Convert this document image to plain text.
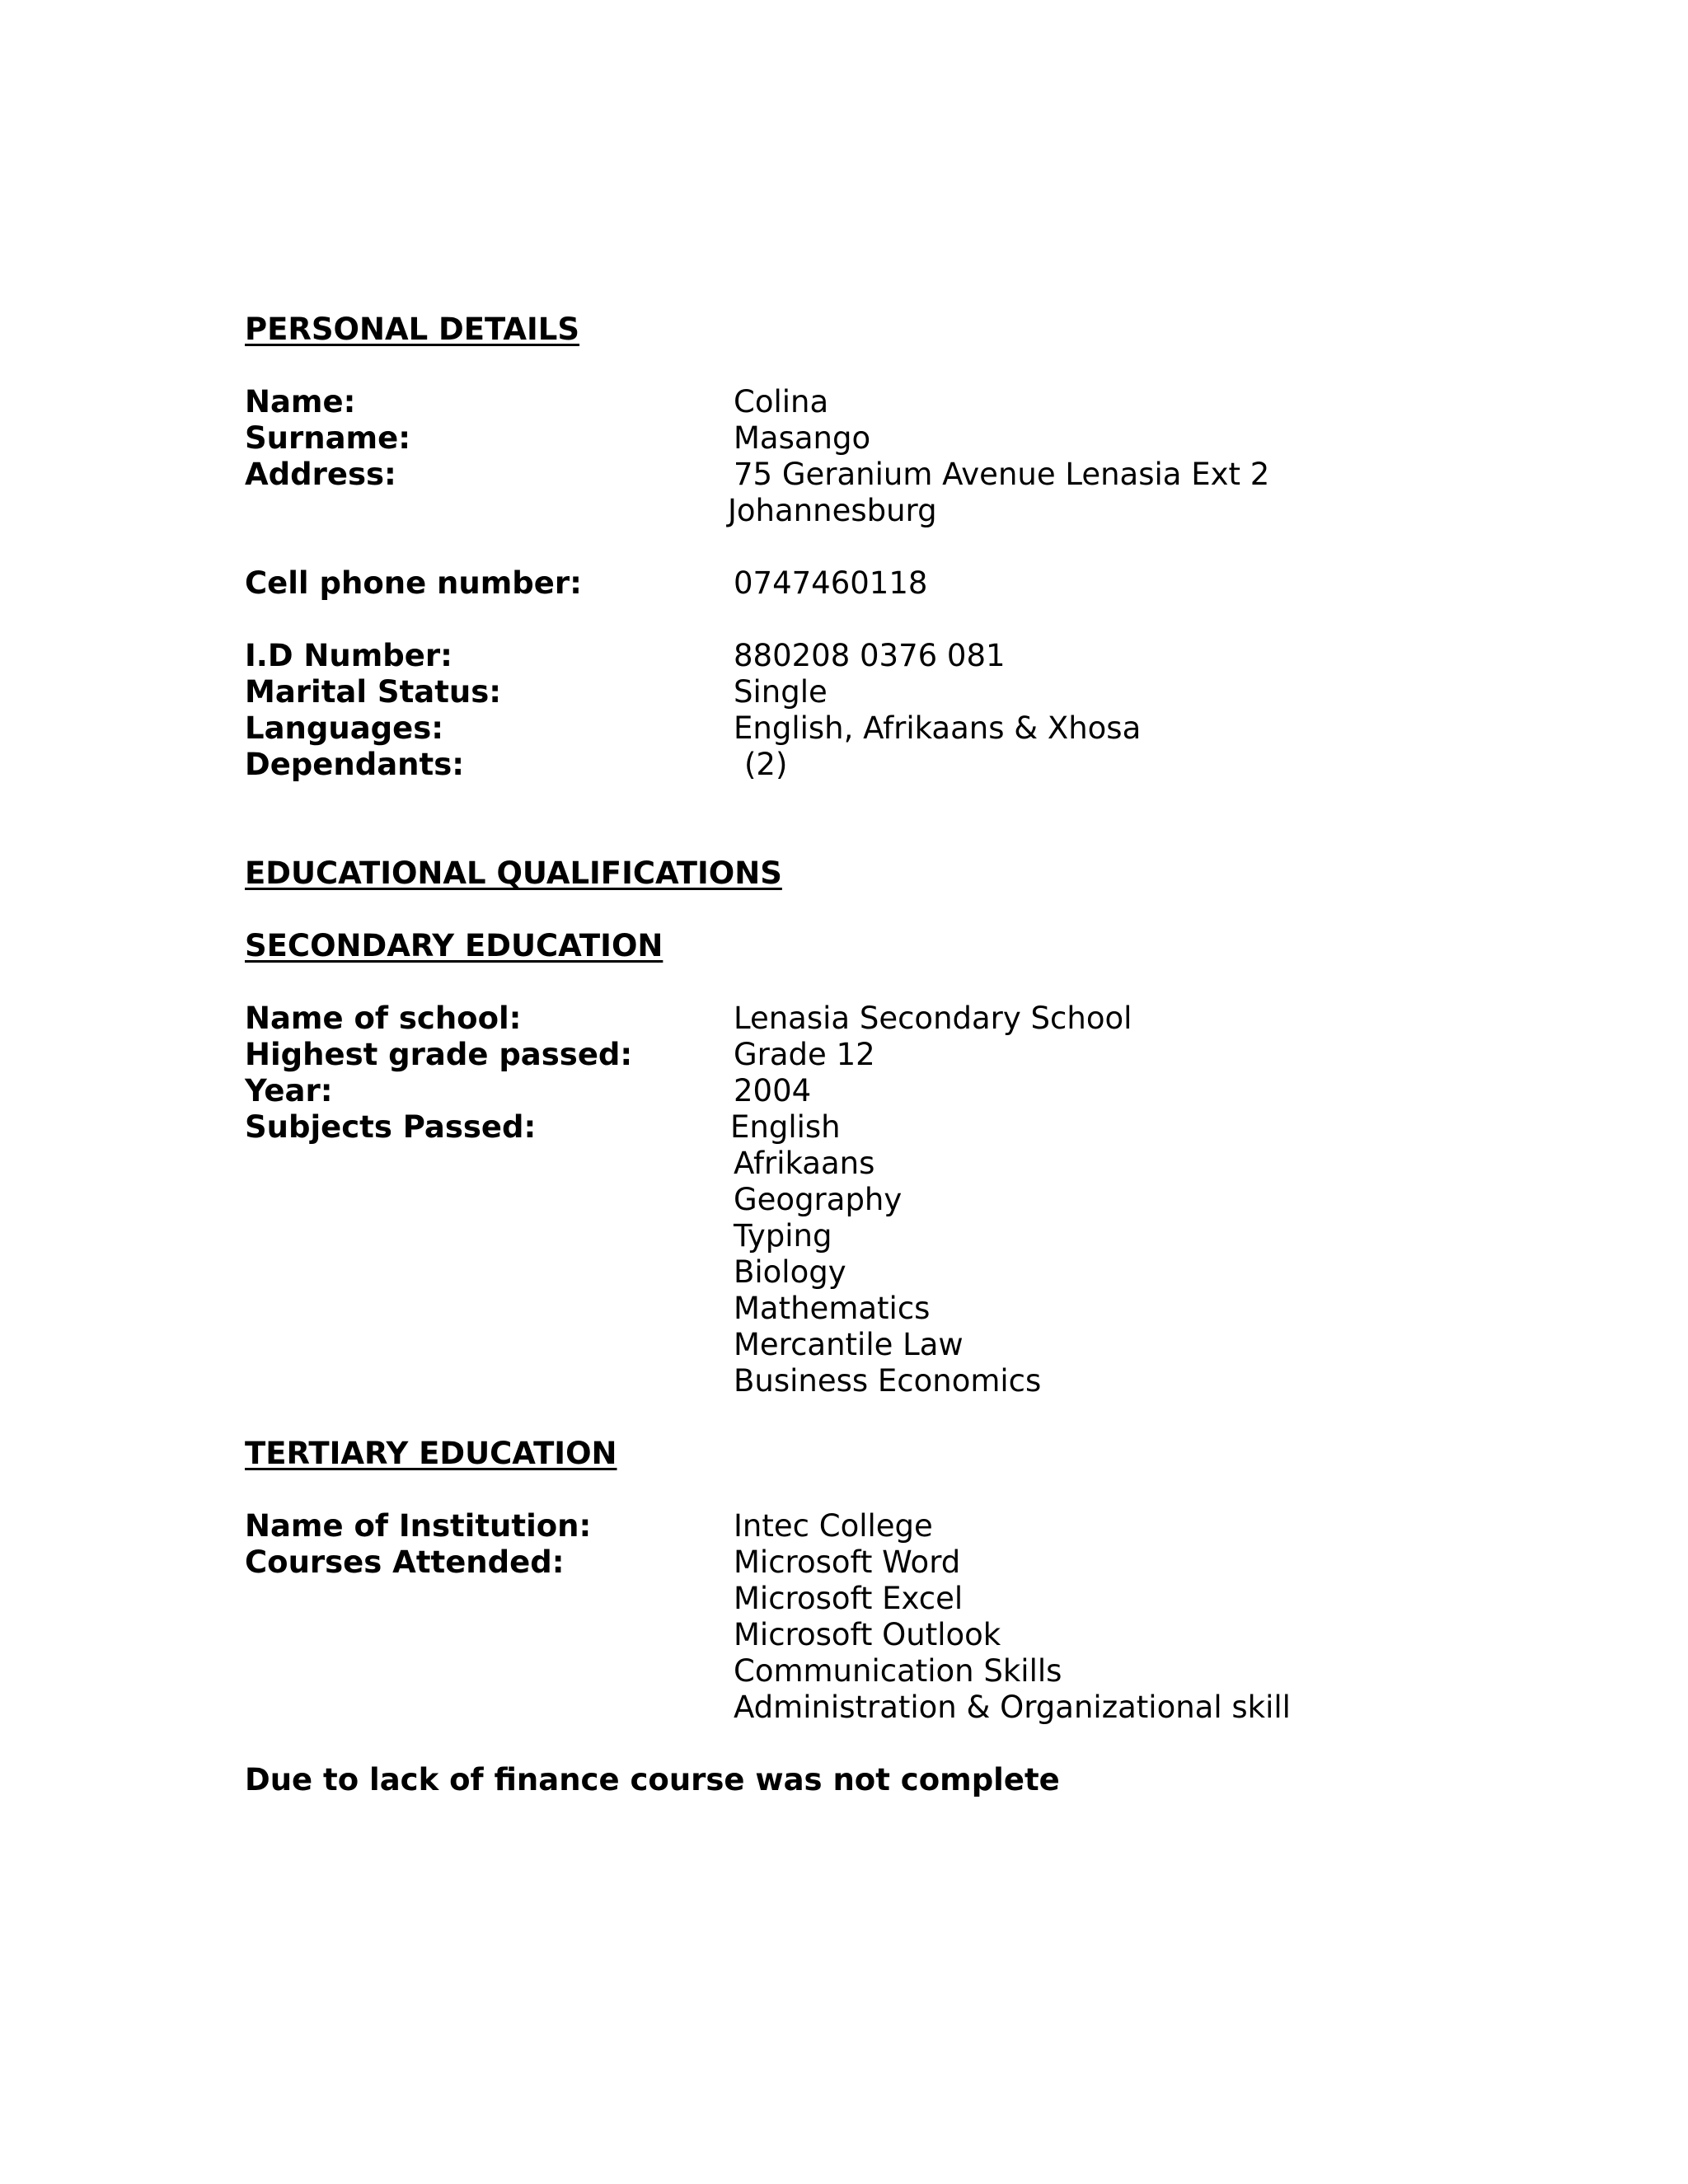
PERSONAL DETAILS
Name:	Colina
Surname:	Masango
Address:	75 Geranium Avenue Lenasia Ext 2
Johannesburg
Cell phone number:	0747460118
I.D Number:	880208 0376 081
Marital Status:	Single
Languages:	English, Afrikaans & Xhosa
Dependants:	(2)
EDUCATIONAL QUALIFICATIONS
SECONDARY EDUCATION
Name of school:	Lenasia Secondary School
Highest grade passed:	Grade 12
Year:	2004
Subjects Passed:	English
Afrikaans
Geography
Typing
Biology
Mathematics
Mercantile Law
Business Economics
TERTIARY EDUCATION
Name of Institution:	Intec College
Courses Attended:	Microsoft Word
Microsoft Excel
Microsoft Outlook
Communication Skills
Administration & Organizational skill
Due to lack of finance course was not complete
